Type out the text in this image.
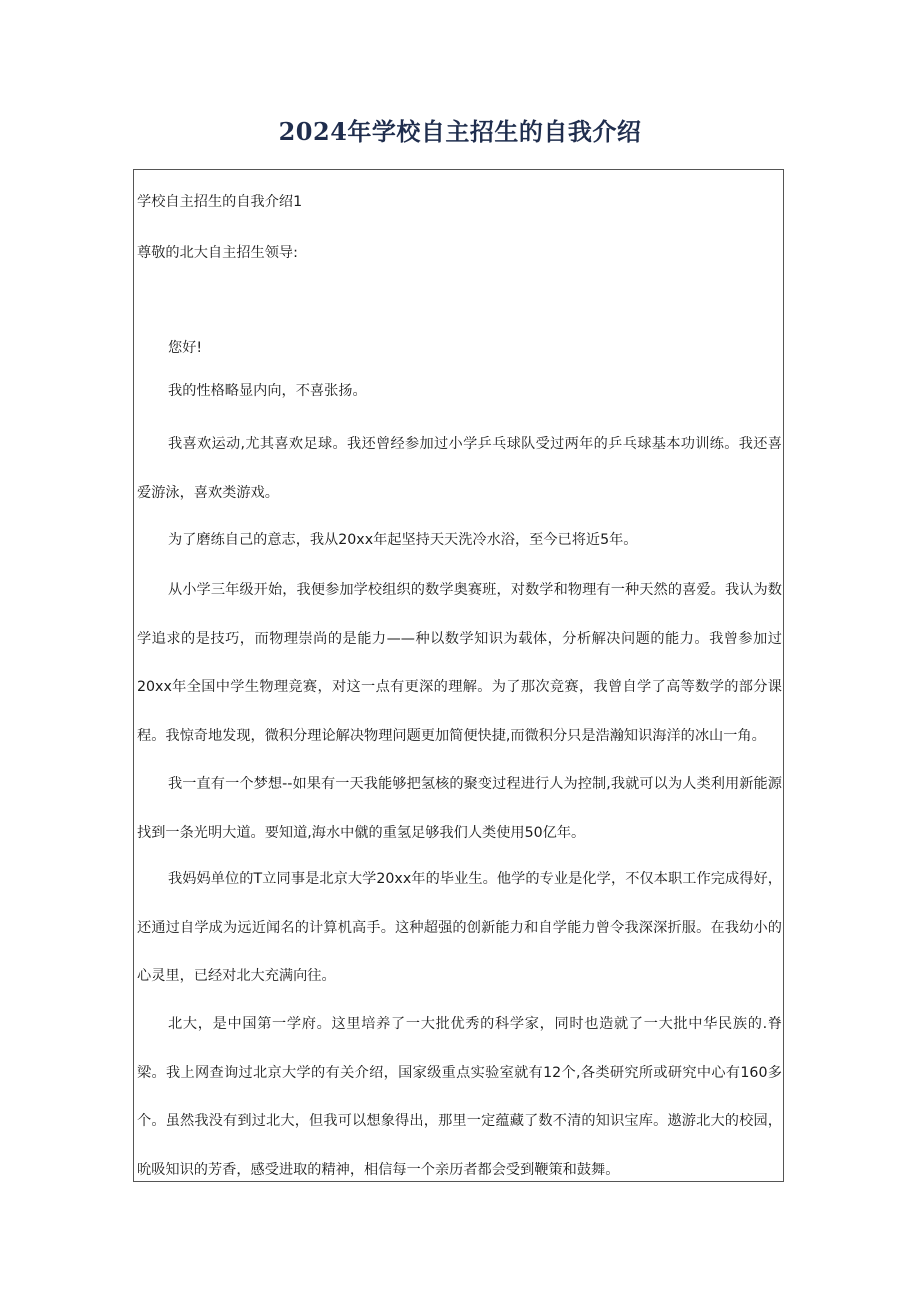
2024年学校自主招生的自我介绍
学校自主招生的自我介绍1
尊敬的北大自主招生领导:
您好!

我的性格略显内向，不喜张扬。

我喜欢运动,尤其喜欢足球。我还曾经参加过小学乒乓球队受过两年的乒乓球基本功训练。我还喜爱游泳，喜欢类游戏。

为了磨练自己的意志，我从20xx年起坚持天天洗冷水浴，至今已将近5年。

从小学三年级开始，我便参加学校组织的数学奥赛班，对数学和物理有一种天然的喜爱。我认为数学追求的是技巧，而物理崇尚的是能力——种以数学知识为载体，分析解决问题的能力。我曾参加过20xx年全国中学生物理竞赛，对这一点有更深的理解。为了那次竞赛，我曾自学了高等数学的部分课程。我惊奇地发现，微积分理论解决物理问题更加简便快捷,而微积分只是浩瀚知识海洋的冰山一角。

我一直有一个梦想--如果有一天我能够把氢核的聚变过程进行人为控制,我就可以为人类利用新能源找到一条光明大道。要知道,海水中僦的重氢足够我们人类使用50亿年。

我妈妈单位的T立同事是北京大学20xx年的毕业生。他学的专业是化学，不仅本职工作完成得好，还通过自学成为远近闻名的计算机高手。这种超强的创新能力和自学能力曾令我深深折服。在我幼小的心灵里，已经对北大充满向往。

北大，是中国第一学府。这里培养了一大批优秀的科学家，同时也造就了一大批中华民族的.脊梁。我上网查询过北京大学的有关介绍，国家级重点实验室就有12个,各类研究所或研究中心有160多个。虽然我没有到过北大，但我可以想象得出，那里一定蕴藏了数不清的知识宝库。遨游北大的校园，吮吸知识的芳香，感受进取的精神，相信每一个亲历者都会受到鞭策和鼓舞。
